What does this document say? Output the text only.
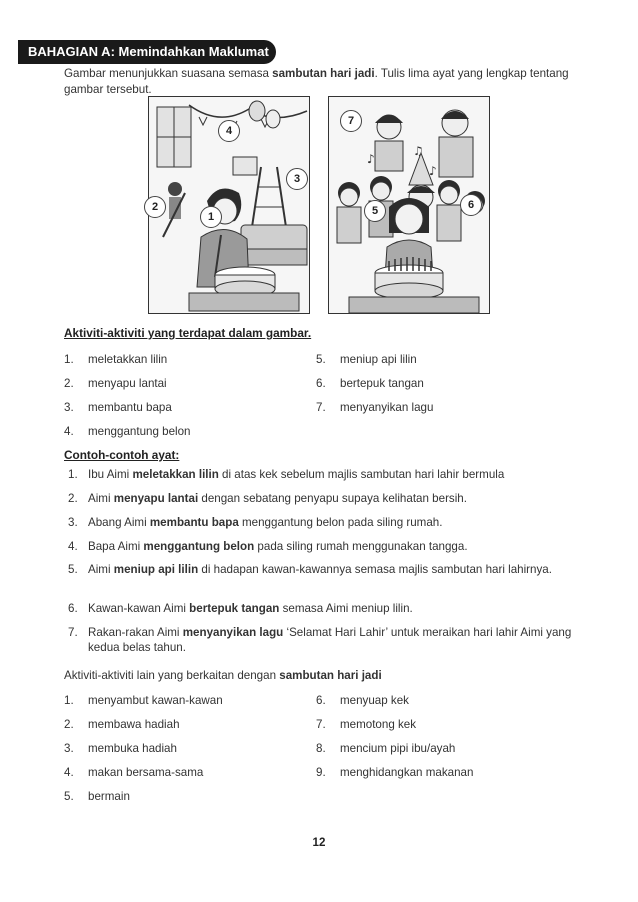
BAHAGIAN A: Memindahkan Maklumat
Gambar menunjukkan suasana semasa sambutan hari jadi. Tulis lima ayat yang lengkap tentang gambar tersebut.
♪
♫
♪
4
3
2
1
7
5	6
Aktiviti-aktiviti yang terdapat dalam gambar.
1. meletakkan lilin
2. menyapu lantai
3. membantu bapa
4. menggantung belon
5. meniup api lilin
6. bertepuk tangan
7. menyanyikan lagu
Contoh-contoh ayat:
1. Ibu Aimi meletakkan lilin di atas kek sebelum majlis sambutan hari lahir bermula
2. Aimi menyapu lantai dengan sebatang penyapu supaya kelihatan bersih.
3. Abang Aimi membantu bapa menggantung belon pada siling rumah.
4. Bapa Aimi menggantung belon pada siling rumah menggunakan tangga.
5. Aimi meniup api lilin di hadapan kawan-kawannya semasa majlis sambutan hari lahirnya.
6. Kawan-kawan Aimi bertepuk tangan semasa Aimi meniup lilin.
7. Rakan-rakan Aimi menyanyikan lagu ‘Selamat Hari Lahir’ untuk meraikan hari lahir Aimi yang kedua belas tahun.
Aktiviti-aktiviti lain yang berkaitan dengan sambutan hari jadi
1. menyambut kawan-kawan
2. membawa hadiah
3. membuka hadiah
4. makan bersama-sama
5. bermain
6. menyuap kek
7. memotong kek
8. mencium pipi ibu/ayah
9. menghidangkan makanan
12
